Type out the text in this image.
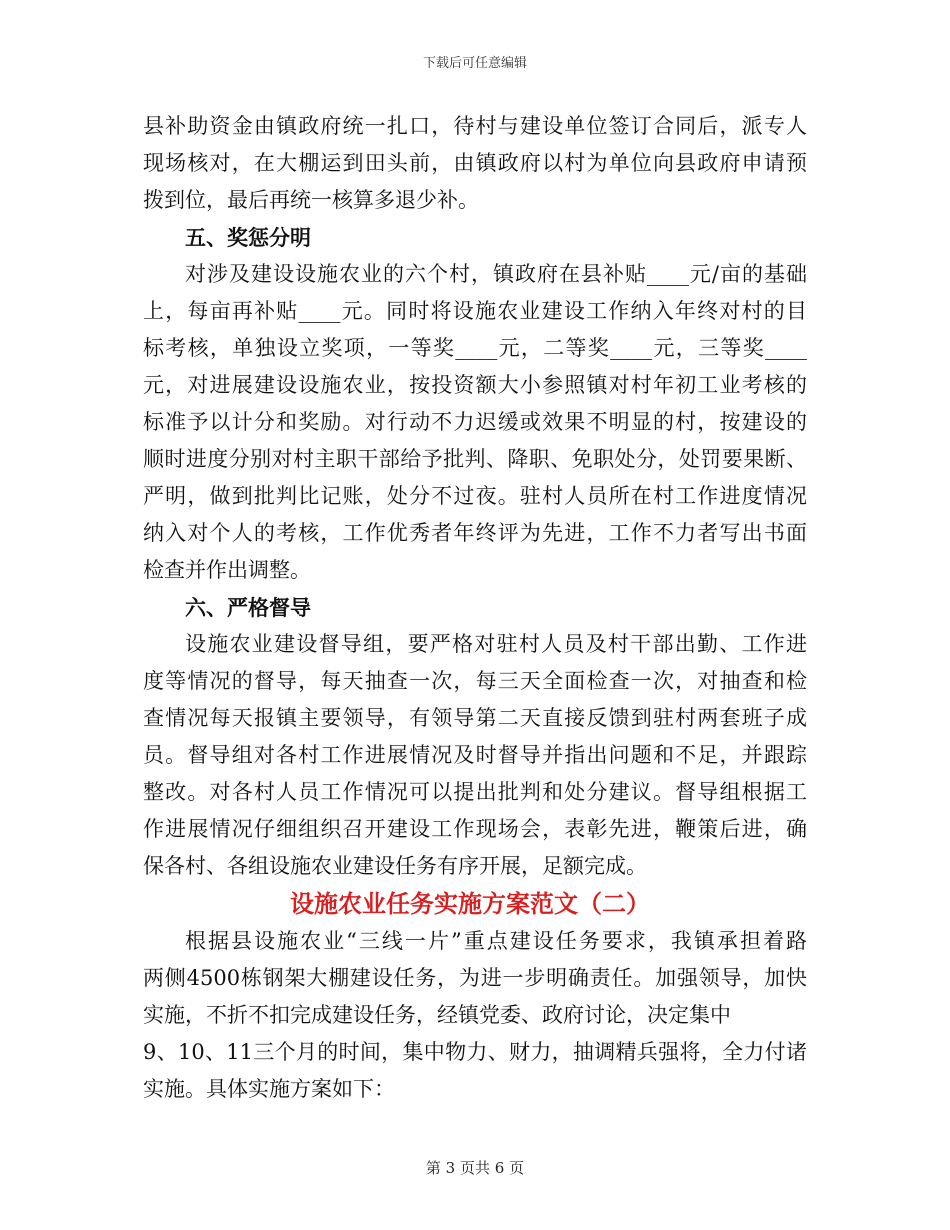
下载后可任意编辑
县补助资金由镇政府统一扎口，待村与建设单位签订合同后，派专人
现场核对，在大棚运到田头前，由镇政府以村为单位向县政府申请预
拨到位，最后再统一核算多退少补。
五、奖惩分明
对涉及建设设施农业的六个村，镇政府在县补贴____元/亩的基础
上，每亩再补贴____元。同时将设施农业建设工作纳入年终对村的目
标考核，单独设立奖项，一等奖____元，二等奖____元，三等奖____
元，对进展建设设施农业，按投资额大小参照镇对村年初工业考核的
标准予以计分和奖励。对行动不力迟缓或效果不明显的村，按建设的
顺时进度分别对村主职干部给予批判、降职、免职处分，处罚要果断、
严明，做到批判比记账，处分不过夜。驻村人员所在村工作进度情况
纳入对个人的考核，工作优秀者年终评为先进，工作不力者写出书面
检查并作出调整。
六、严格督导
设施农业建设督导组，要严格对驻村人员及村干部出勤、工作进
度等情况的督导，每天抽查一次，每三天全面检查一次，对抽查和检
查情况每天报镇主要领导，有领导第二天直接反馈到驻村两套班子成
员。督导组对各村工作进展情况及时督导并指出问题和不足，并跟踪
整改。对各村人员工作情况可以提出批判和处分建议。督导组根据工
作进展情况仔细组织召开建设工作现场会，表彰先进，鞭策后进，确
保各村、各组设施农业建设任务有序开展，足额完成。
设施农业任务实施方案范文（二）
根据县设施农业“三线一片”重点建设任务要求，我镇承担着路
两侧4500栋钢架大棚建设任务，为进一步明确责任。加强领导，加快
实施，不折不扣完成建设任务，经镇党委、政府讨论，决定集中
9、10、11三个月的时间，集中物力、财力，抽调精兵强将，全力付诸
实施。具体实施方案如下：
第 3 页共 6 页
